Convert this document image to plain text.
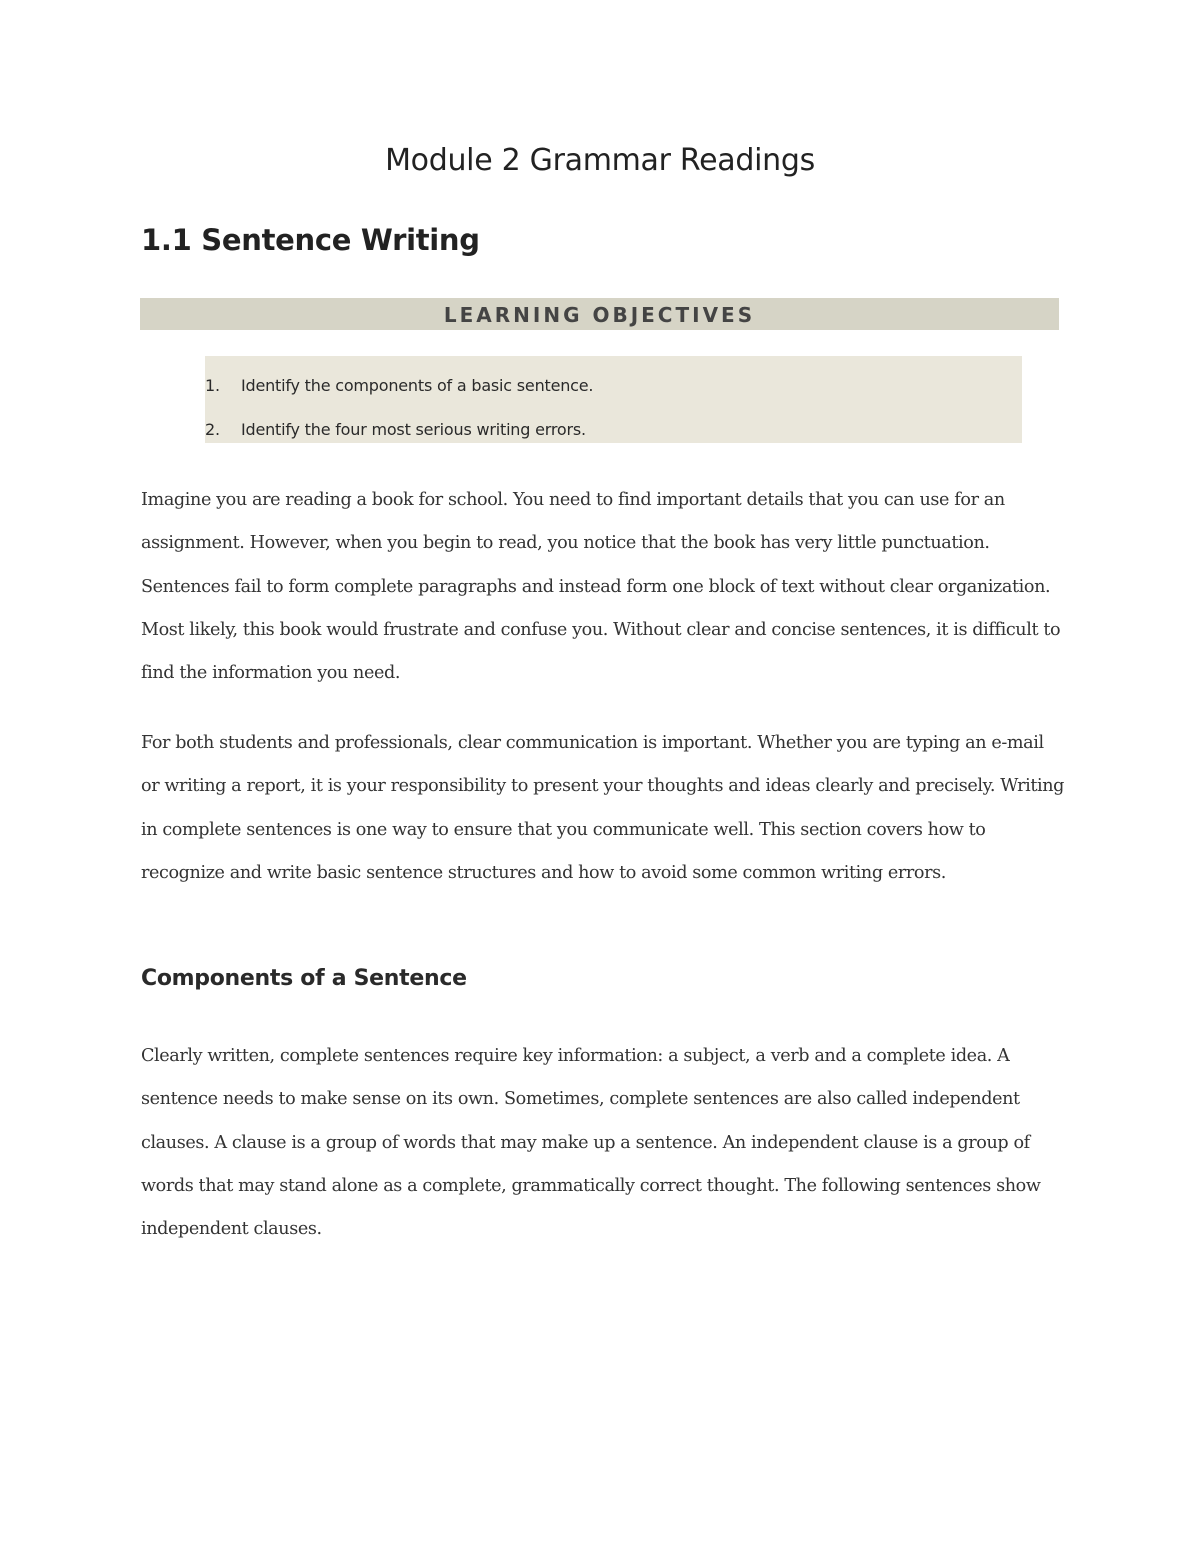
Module 2 Grammar Readings
1.1 Sentence Writing
LEARNING OBJECTIVES
1. Identify the components of a basic sentence.
2. Identify the four most serious writing errors.

Imagine you are reading a book for school. You need to find important details that you can use for an assignment. However, when you begin to read, you notice that the book has very little punctuation. Sentences fail to form complete paragraphs and instead form one block of text without clear organization. Most likely, this book would frustrate and confuse you. Without clear and concise sentences, it is difficult to find the information you need.

For both students and professionals, clear communication is important. Whether you are typing an e-mail or writing a report, it is your responsibility to present your thoughts and ideas clearly and precisely. Writing in complete sentences is one way to ensure that you communicate well. This section covers how to recognize and write basic sentence structures and how to avoid some common writing errors.

Components of a Sentence

Clearly written, complete sentences require key information: a subject, a verb and a complete idea. A sentence needs to make sense on its own. Sometimes, complete sentences are also called independent clauses. A clause is a group of words that may make up a sentence. An independent clause is a group of words that may stand alone as a complete, grammatically correct thought. The following sentences show independent clauses.
